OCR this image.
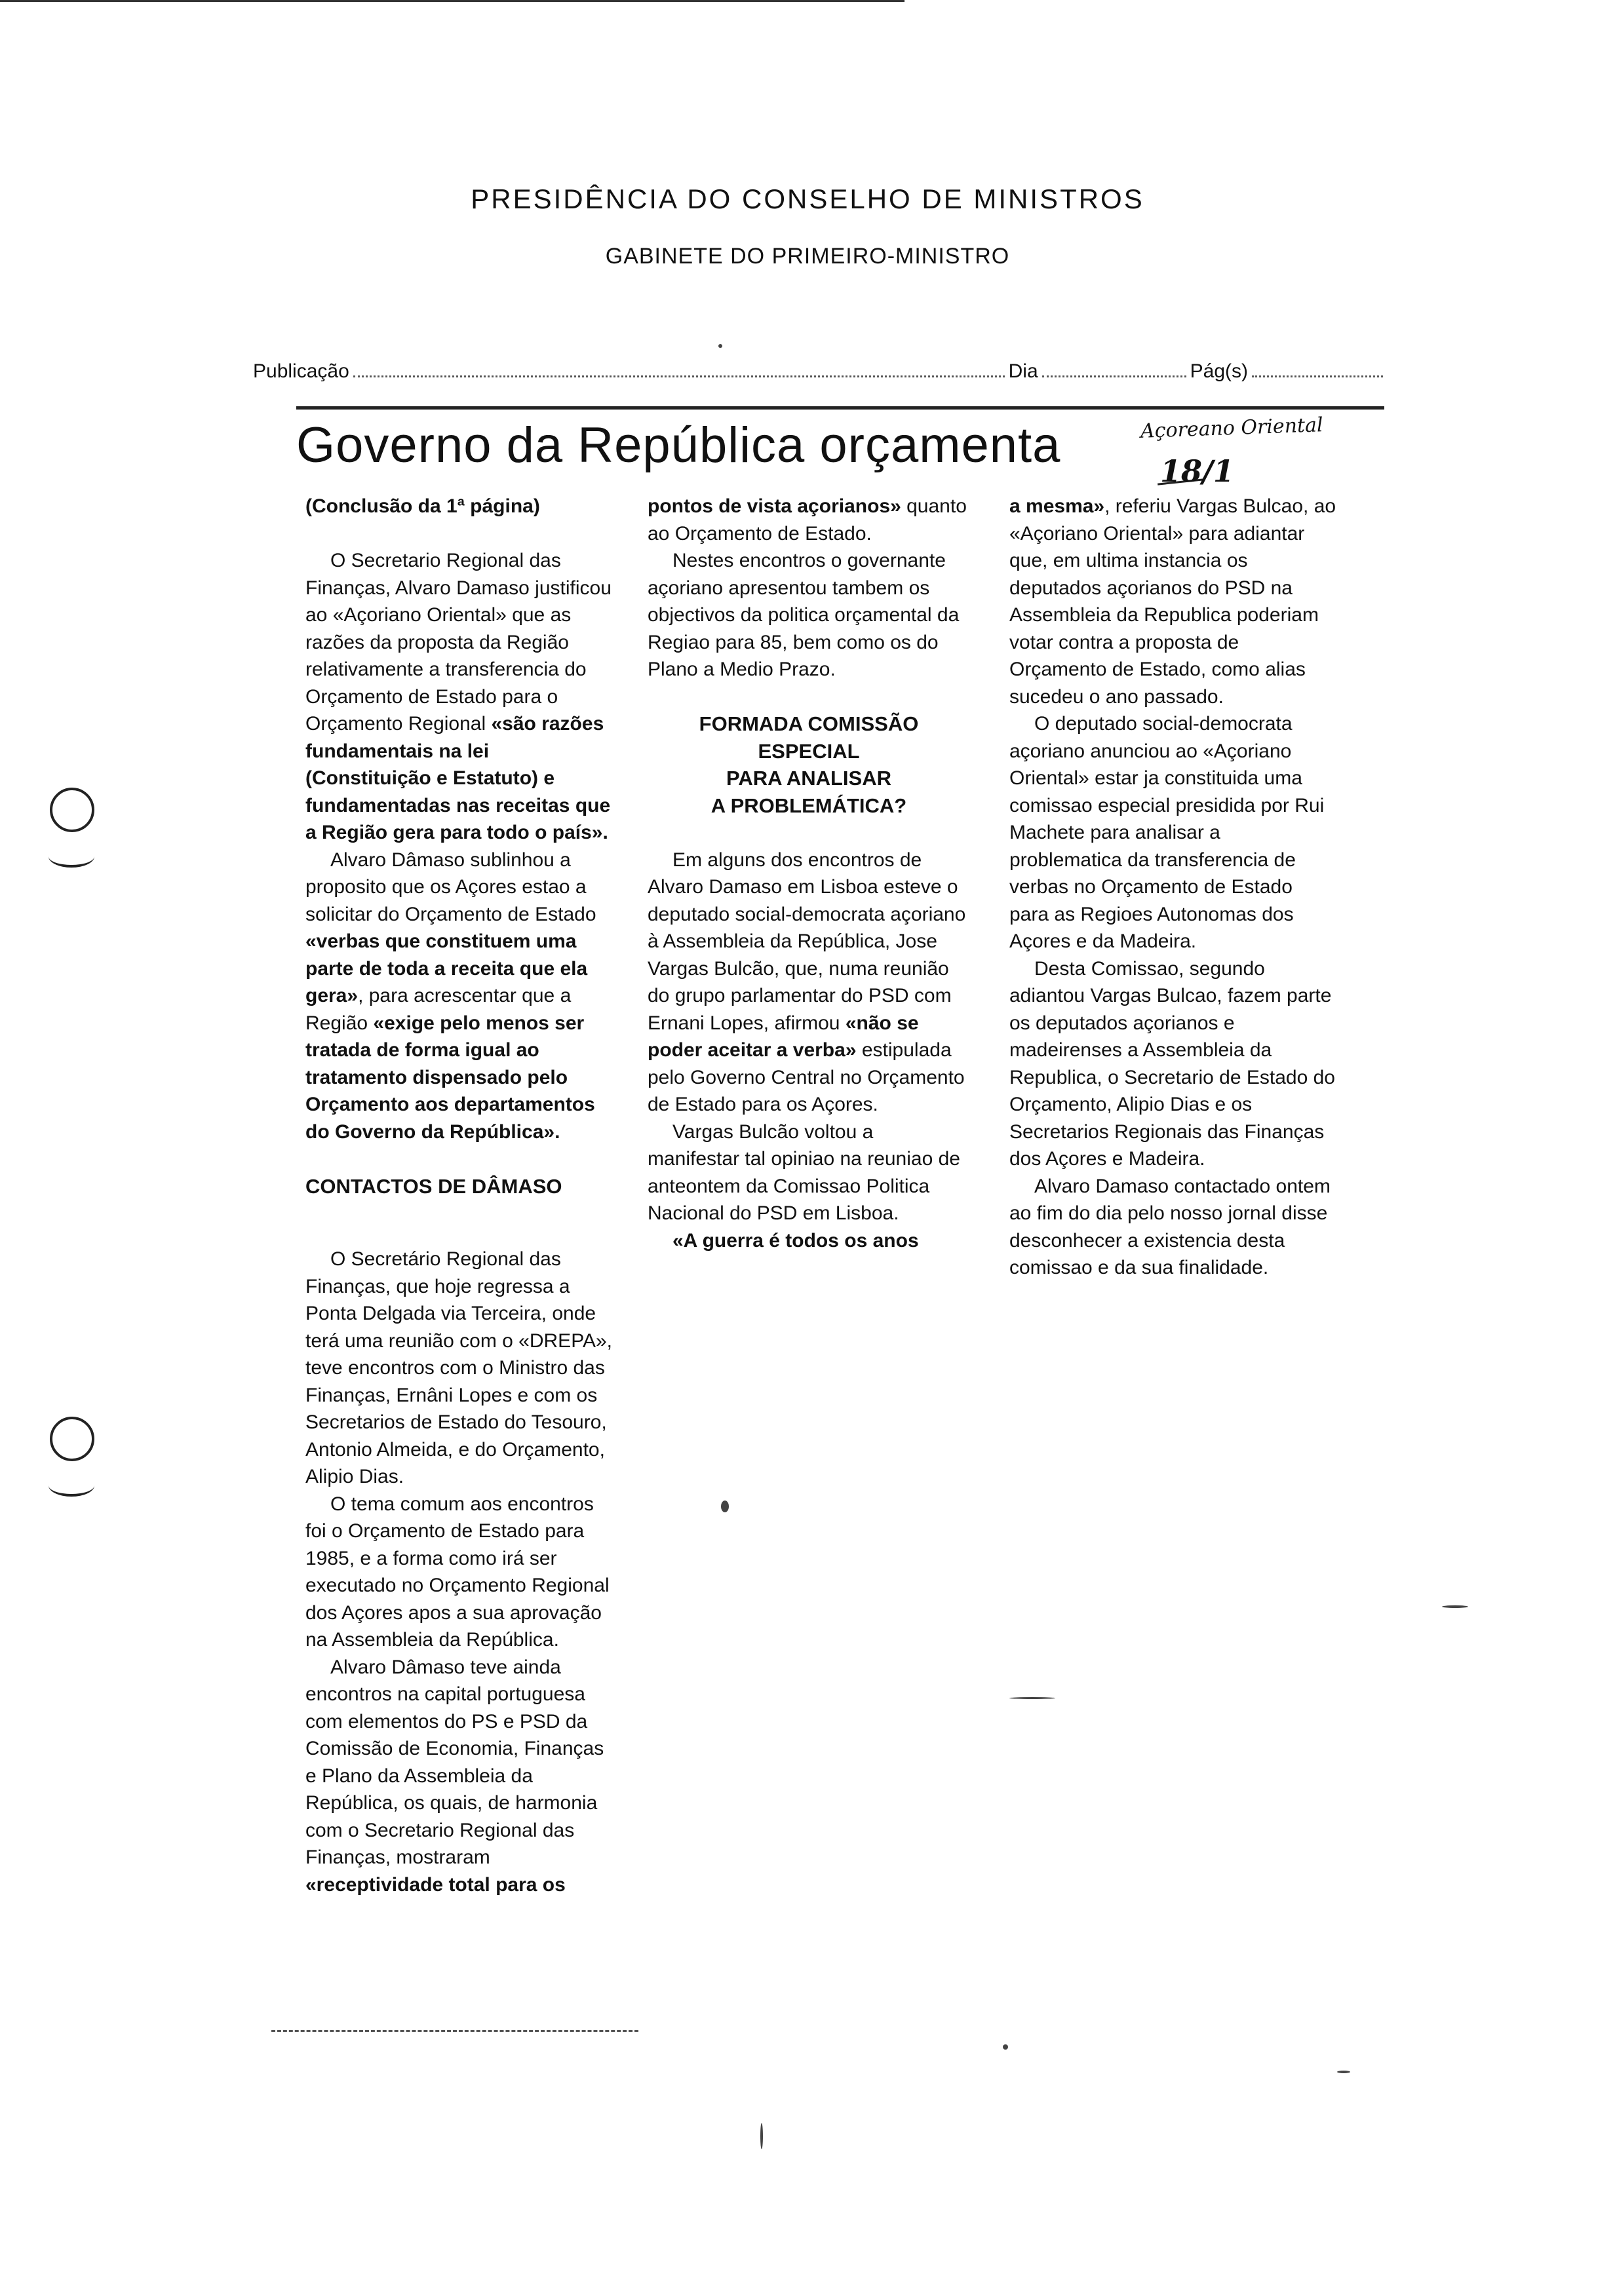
PRESIDÊNCIA DO CONSELHO DE MINISTROS
GABINETE DO PRIMEIRO-MINISTRO
Publicação	Dia	Pág(s)
Governo da República orçamenta	Açoreano Oriental
18/1

(Conclusão da 1ª página)

O Secretario Regional das Finanças, Alvaro Damaso justificou ao «Açoriano Oriental» que as razões da proposta da Região relativamente a transferencia do Orçamento de Estado para o Orçamento Regional «são razões fundamentais na lei (Constituição e Estatuto) e fundamentadas nas receitas que a Região gera para todo o país».

Alvaro Dâmaso sublinhou a proposito que os Açores estao a solicitar do Orçamento de Estado «verbas que constituem uma parte de toda a receita que ela gera», para acrescentar que a Região «exige pelo menos ser tratada de forma igual ao tratamento dispensado pelo Orçamento aos departamentos do Governo da República».

CONTACTOS DE DÂMASO

O Secretário Regional das Finanças, que hoje regressa a Ponta Delgada via Terceira, onde terá uma reunião com o «DREPA», teve encontros com o Ministro das Finanças, Ernâni Lopes e com os Secretarios de Estado do Tesouro, Antonio Almeida, e do Orçamento, Alipio Dias.

O tema comum aos encontros foi o Orçamento de Estado para 1985, e a forma como irá ser executado no Orçamento Regional dos Açores apos a sua aprovação na Assembleia da República.

Alvaro Dâmaso teve ainda encontros na capital portuguesa com elementos do PS e PSD da Comissão de Economia, Finanças e Plano da Assembleia da República, os quais, de harmonia com o Secretario Regional das Finanças, mostraram «receptividade total para os

pontos de vista açorianos» quanto ao Orçamento de Estado.

Nestes encontros o governante açoriano apresentou tambem os objectivos da politica orçamental da Regiao para 85, bem como os do Plano a Medio Prazo.

FORMADA COMISSÃO
ESPECIAL
PARA ANALISAR
A PROBLEMÁTICA?

Em alguns dos encontros de Alvaro Damaso em Lisboa esteve o deputado social-democrata açoriano à Assembleia da República, Jose Vargas Bulcão, que, numa reunião do grupo parlamentar do PSD com Ernani Lopes, afirmou «não se poder aceitar a verba» estipulada pelo Governo Central no Orçamento de Estado para os Açores.

Vargas Bulcão voltou a manifestar tal opiniao na reuniao de anteontem da Comissao Politica Nacional do PSD em Lisboa.

«A guerra é todos os anos

a mesma», referiu Vargas Bulcao, ao «Açoriano Oriental» para adiantar que, em ultima instancia os deputados açorianos do PSD na Assembleia da Republica poderiam votar contra a proposta de Orçamento de Estado, como alias sucedeu o ano passado.

O deputado social-democrata açoriano anunciou ao «Açoriano Oriental» estar ja constituida uma comissao especial presidida por Rui Machete para analisar a problematica da transferencia de verbas no Orçamento de Estado para as Regioes Autonomas dos Açores e da Madeira.

Desta Comissao, segundo adiantou Vargas Bulcao, fazem parte os deputados açorianos e madeirenses a Assembleia da Republica, o Secretario de Estado do Orçamento, Alipio Dias e os Secretarios Regionais das Finanças dos Açores e Madeira.

Alvaro Damaso contactado ontem ao fim do dia pelo nosso jornal disse desconhecer a existencia desta comissao e da sua finalidade.
